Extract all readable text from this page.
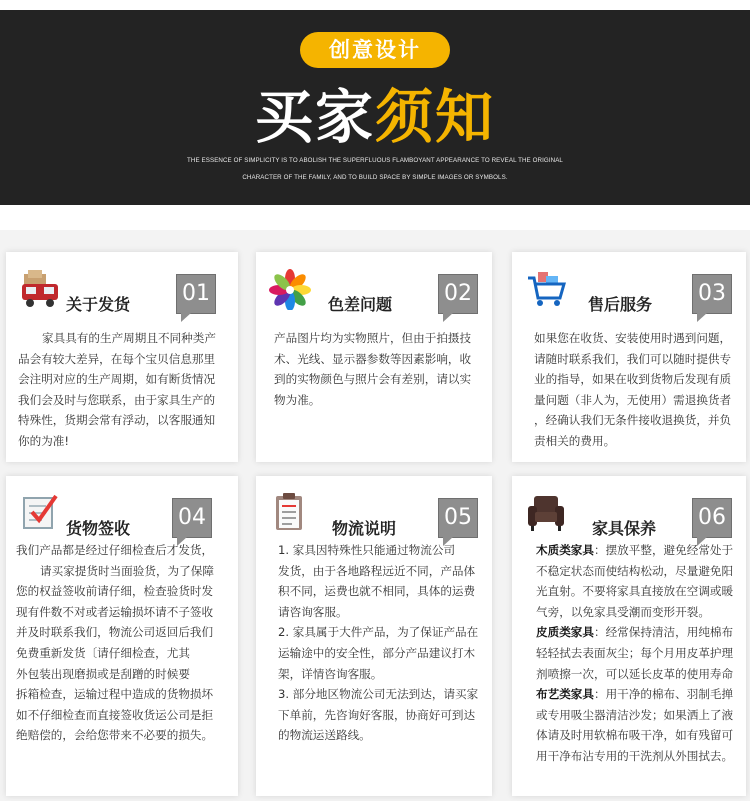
创意设计
买家须知
THE ESSENCE OF SIMPLICITY IS TO ABOLISH THE SUPERFLUOUS FLAMBOYANT APPEARANCE TO REVEAL THE ORIGINAL
CHARACTER OF THE FAMILY, AND TO BUILD SPACE BY SIMPLE IMAGES OR SYMBOLS.
关于发货 01

家具具有的生产周期且不同种类产

品会有较大差异，在每个宝贝信息那里

会注明对应的生产周期，如有断货情况

我们会及时与您联系，由于家具生产的

特殊性，货期会常有浮动，以客服通知

你的为准!

色差问题 02

产品图片均为实物照片，但由于拍摄技

术、光线、显示器参数等因素影响，收

到的实物颜色与照片会有差别，请以实

物为准。

售后服务 03

如果您在收货、安装使用时遇到问题，

请随时联系我们，我们可以随时提供专

业的指导，如果在收到货物后发现有质

量问题（非人为，无使用）需退换货者

，经确认我们无条件接收退换货，并负

责相关的费用。

货物签收 04

我们产品都是经过仔细检查后才发货，

请买家提货时当面验货，为了保障

您的权益签收前请仔细，检查验货时发

现有件数不对或者运输损坏请不子签收

并及时联系我们，物流公司返回后我们

免费重新发货〔请仔细检查，尤其

外包装出现磨损或是刮蹭的时候要

拆箱检查，运输过程中造成的货物损坏

如不仔细检查而直接签收货运公司是拒

绝赔偿的，会给您带来不必要的损失。

物流说明 05

1. 家具因特殊性只能通过物流公司

发货，由于各地路程远近不同，产品体

积不同，运费也就不相同，具体的运费

请咨询客服。

2. 家具属于大件产品，为了保证产品在

运输途中的安全性，部分产品建议打木

架，详情咨询客服。

3. 部分地区物流公司无法到达，请买家

下单前，先咨询好客服，协商好可到达

的物流运送路线。

家具保养 06

木质类家具：摆放平整，避免经常处于

不稳定状态而使结构松动，尽量避免阳

光直射。不要将家具直接放在空调或暖

气旁，以免家具受潮而变形开裂。

皮质类家具：经常保持清洁，用纯棉布

轻轻拭去表面灰尘；每个月用皮革护理

剂喷擦一次，可以延长皮革的使用寿命

布艺类家具：用干净的棉布、羽制毛掸

或专用吸尘器清洁沙发；如果洒上了液

体请及时用软棉布吸干净，如有残留可

用干净布沾专用的干洗剂从外围拭去。
